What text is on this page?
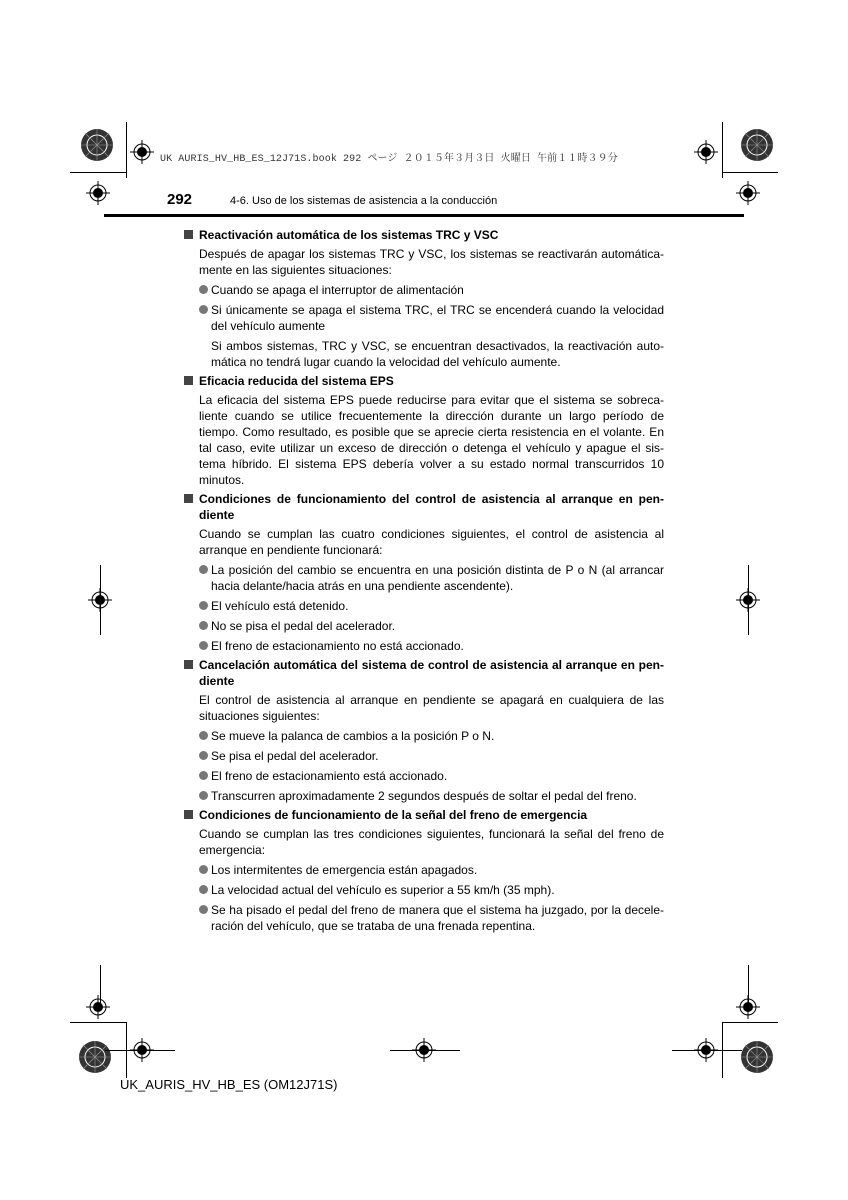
UK AURIS_HV_HB_ES_12J71S.book 292 ページ ２０１５年３月３日 火曜日 午前１１時３９分
292	4-6. Uso de los sistemas de asistencia a la conducción
Reactivación automática de los sistemas TRC y VSC
Después de apagar los sistemas TRC y VSC, los sistemas se reactivarán automática-mente en las siguientes situaciones:
Cuando se apaga el interruptor de alimentación
Si únicamente se apaga el sistema TRC, el TRC se encenderá cuando la velocidad del vehículo aumente
Si ambos sistemas, TRC y VSC, se encuentran desactivados, la reactivación auto-mática no tendrá lugar cuando la velocidad del vehículo aumente.
Eficacia reducida del sistema EPS
La eficacia del sistema EPS puede reducirse para evitar que el sistema se sobreca-liente cuando se utilice frecuentemente la dirección durante un largo período de tiempo. Como resultado, es posible que se aprecie cierta resistencia en el volante. En tal caso, evite utilizar un exceso de dirección o detenga el vehículo y apague el sis-tema híbrido. El sistema EPS debería volver a su estado normal transcurridos 10 minutos.
Condiciones de funcionamiento del control de asistencia al arranque en pen-diente
Cuando se cumplan las cuatro condiciones siguientes, el control de asistencia al arranque en pendiente funcionará:
La posición del cambio se encuentra en una posición distinta de P o N (al arrancar hacia delante/hacia atrás en una pendiente ascendente).
El vehículo está detenido.
No se pisa el pedal del acelerador.
El freno de estacionamiento no está accionado.
Cancelación automática del sistema de control de asistencia al arranque en pen-diente
El control de asistencia al arranque en pendiente se apagará en cualquiera de las situaciones siguientes:
Se mueve la palanca de cambios a la posición P o N.
Se pisa el pedal del acelerador.
El freno de estacionamiento está accionado.
Transcurren aproximadamente 2 segundos después de soltar el pedal del freno.
Condiciones de funcionamiento de la señal del freno de emergencia
Cuando se cumplan las tres condiciones siguientes, funcionará la señal del freno de emergencia:
Los intermitentes de emergencia están apagados.
La velocidad actual del vehículo es superior a 55 km/h (35 mph).
Se ha pisado el pedal del freno de manera que el sistema ha juzgado, por la decele-ración del vehículo, que se trataba de una frenada repentina.
UK_AURIS_HV_HB_ES (OM12J71S)
